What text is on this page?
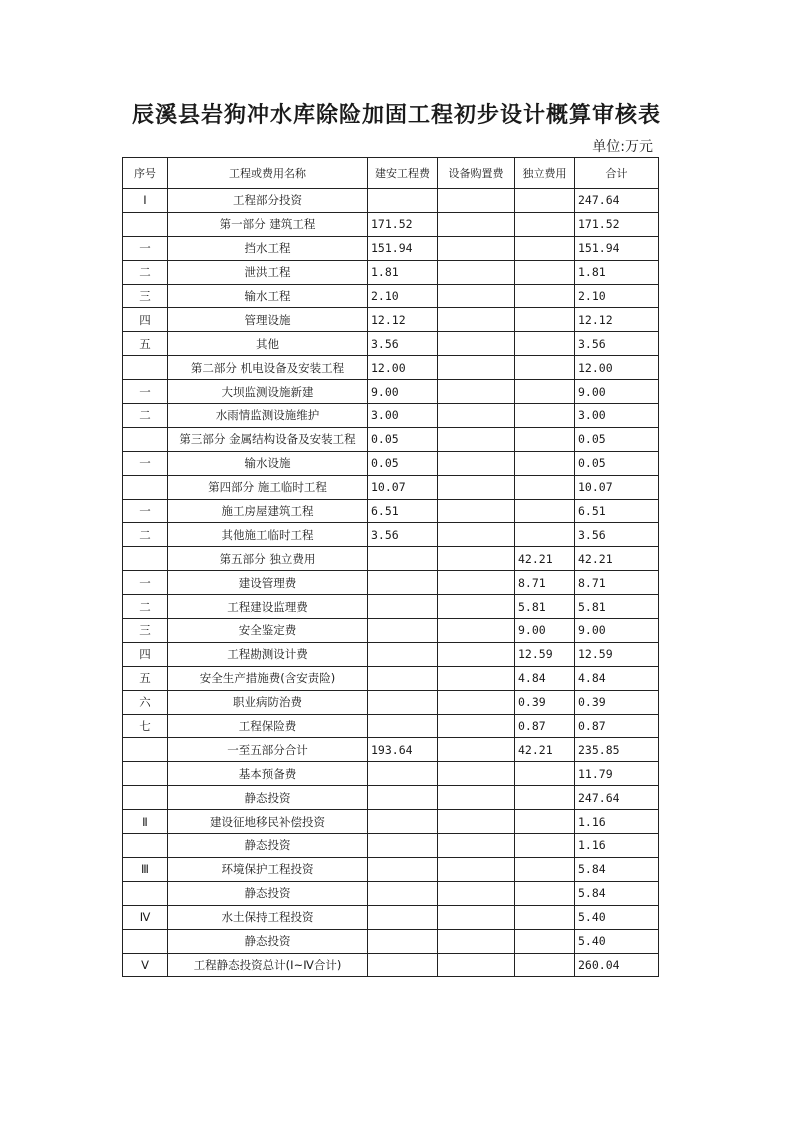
辰溪县岩狗冲水库除险加固工程初步设计概算审核表
单位:万元
序号	工程或费用名称	建安工程费	设备购置费	独立费用	合计
Ⅰ	工程部分投资				247.64
	第一部分 建筑工程	171.52			171.52
一	挡水工程	151.94			151.94
二	泄洪工程	1.81			1.81
三	输水工程	2.10			2.10
四	管理设施	12.12			12.12
五	其他	3.56			3.56
	第二部分 机电设备及安装工程	12.00			12.00
一	大坝监测设施新建	9.00			9.00
二	水雨情监测设施维护	3.00			3.00
	第三部分 金属结构设备及安装工程	0.05			0.05
一	输水设施	0.05			0.05
	第四部分 施工临时工程	10.07			10.07
一	施工房屋建筑工程	6.51			6.51
二	其他施工临时工程	3.56			3.56
	第五部分 独立费用			42.21	42.21
一	建设管理费			8.71	8.71
二	工程建设监理费			5.81	5.81
三	安全鉴定费			9.00	9.00
四	工程勘测设计费			12.59	12.59
五	安全生产措施费(含安责险)			4.84	4.84
六	职业病防治费			0.39	0.39
七	工程保险费			0.87	0.87
	一至五部分合计	193.64		42.21	235.85
	基本预备费				11.79
	静态投资				247.64
Ⅱ	建设征地移民补偿投资				1.16
	静态投资				1.16
Ⅲ	环境保护工程投资				5.84
	静态投资				5.84
Ⅳ	水土保持工程投资				5.40
	静态投资				5.40
Ⅴ	工程静态投资总计(Ⅰ~Ⅳ合计)				260.04
